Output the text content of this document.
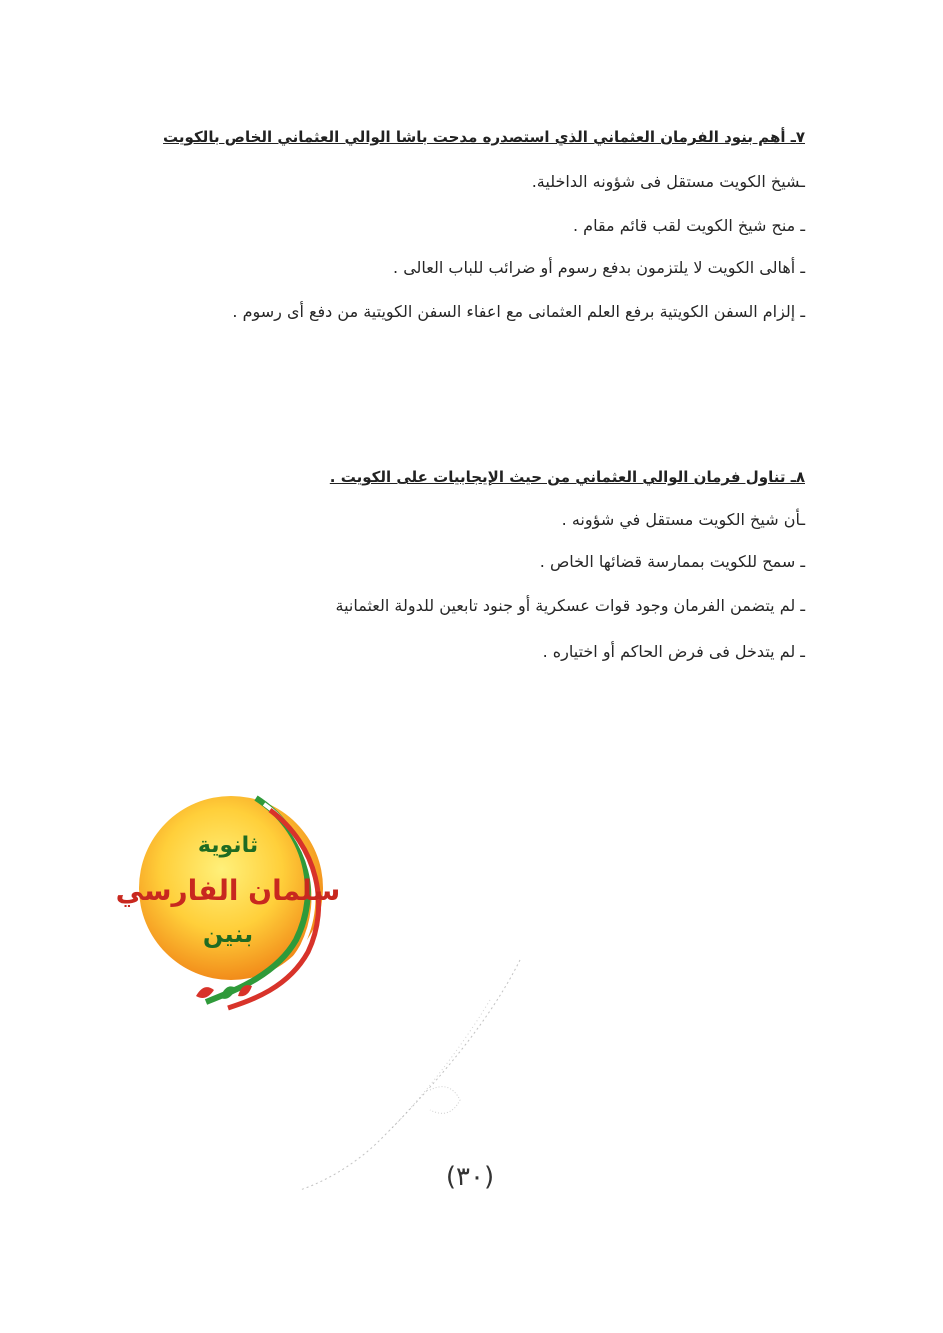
٧ـ أهم بنود الفرمان العثماني الذي استصدره مدحت باشا الوالي العثماني الخاص بالكويت
ـشيخ الكويت مستقل فى شؤونه الداخلية.
ـ منح شيخ الكويت لقب قائم مقام .
ـ أهالى الكويت لا يلتزمون بدفع رسوم أو ضرائب للباب العالى .
ـ إلزام السفن الكويتية برفع العلم العثمانى مع اعفاء السفن الكويتية من دفع أى رسوم .
٨ـ تناول فرمان الوالي العثماني من حيث الإيجابيات على الكويت .
ـأن شيخ الكويت مستقل في شؤونه .
ـ سمح للكويت بممارسة قضائها الخاص .
ـ لم يتضمن الفرمان وجود قوات عسكرية أو جنود تابعين للدولة العثمانية
ـ لم يتدخل فى فرض الحاكم أو اختياره .
ثانوية
سلمان الفارسي
بنين
(٣٠)
